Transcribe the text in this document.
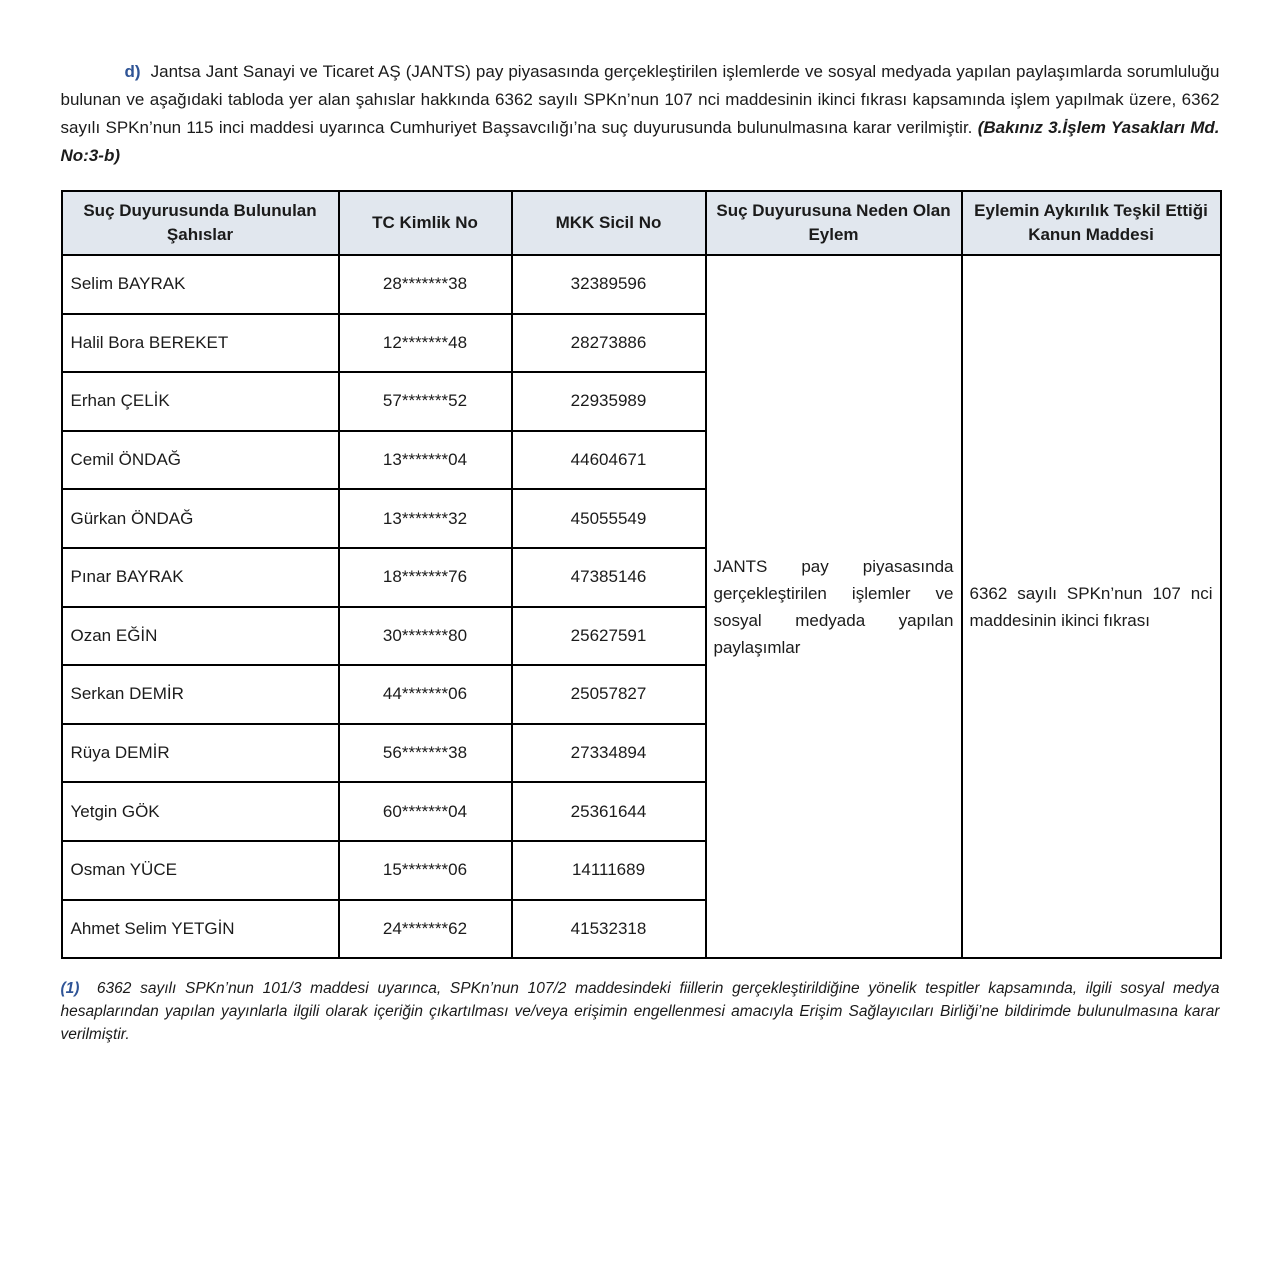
d) Jantsa Jant Sanayi ve Ticaret AŞ (JANTS) pay piyasasında gerçekleştirilen işlemlerde ve sosyal medyada yapılan paylaşımlarda sorumluluğu bulunan ve aşağıdaki tabloda yer alan şahıslar hakkında 6362 sayılı SPKn’nun 107 nci maddesinin ikinci fıkrası kapsamında işlem yapılmak üzere, 6362 sayılı SPKn’nun 115 inci maddesi uyarınca Cumhuriyet Başsavcılığı’na suç duyurusunda bulunulmasına karar verilmiştir. (Bakınız 3.İşlem Yasakları Md. No:3-b)

Suç Duyurusunda Bulunulan Şahıslar	TC Kimlik No	MKK Sicil No	Suç Duyurusuna Neden Olan Eylem	Eylemin Aykırılık Teşkil Ettiği Kanun Maddesi
Selim BAYRAK	28*******38	32389596	JANTS pay piyasasında gerçekleştirilen işlemler ve sosyal medyada yapılan paylaşımlar	6362 sayılı SPKn’nun 107 nci maddesinin ikinci fıkrası

Halil Bora BEREKET	12*******48	28273886		
Erhan ÇELİK	57*******52	22935989		
Cemil ÖNDAĞ	13*******04	44604671		
Gürkan ÖNDAĞ	13*******32	45055549		
Pınar BAYRAK	18*******76	47385146		
Ozan EĞİN	30*******80	25627591		
Serkan DEMİR	44*******06	25057827		
Rüya DEMİR	56*******38	27334894		
Yetgin GÖK	60*******04	25361644		
Osman YÜCE	15*******06	14111689		
Ahmet Selim YETGİN	24*******62	41532318		

(1) 6362 sayılı SPKn’nun 101/3 maddesi uyarınca, SPKn’nun 107/2 maddesindeki fiillerin gerçekleştirildiğine yönelik tespitler kapsamında, ilgili sosyal medya hesaplarından yapılan yayınlarla ilgili olarak içeriğin çıkartılması ve/veya erişimin engellenmesi amacıyla Erişim Sağlayıcıları Birliği’ne bildirimde bulunulmasına karar verilmiştir.
